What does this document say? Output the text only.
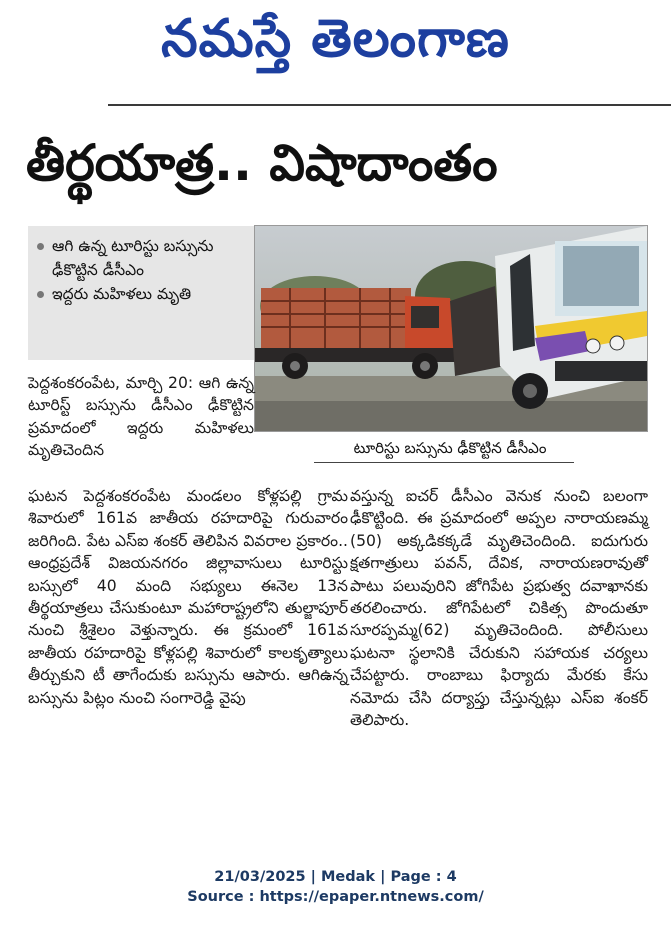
నమస్తే తెలంగాణ
తీర్థయాత్ర.. విషాదాంతం
ఆగి ఉన్న టూరిస్టు బస్సును ఢీకొట్టిన డీసీఎం
ఇద్దరు మహిళలు మృతి
టూరిస్టు బస్సును ఢీకొట్టిన డీసీఎం

పెద్దశంకరంపేట, మార్చి 20: ఆగి ఉన్న టూరిస్ట్ బస్సును డీసీఎం ఢీకొట్టిన ప్రమాదంలో ఇద్దరు మహిళలు మృతిచెందిన

ఘటన పెద్దశంకరంపేట మండలం కోళ్లపల్లి గ్రామ శివారులో 161వ జాతీయ రహదారిపై గురువారం జరిగింది. పేట ఎస్ఐ శంకర్ తెలిపిన వివరాల ప్రకారం.. ఆంధ్రప్రదేశ్ విజయనగరం జిల్లావాసులు టూరిస్టు బస్సులో 40 మంది సభ్యులు ఈనెల 13న తీర్థయాత్రలు చేసుకుంటూ మహారాష్ట్రలోని తుల్జాపూర్ నుంచి శ్రీశైలం వెళ్తున్నారు. ఈ క్రమంలో 161వ జాతీయ రహదారిపై కోళ్లపల్లి శివారులో కాలకృత్యాలు తీర్చుకుని టీ తాగేందుకు బస్సును ఆపారు. ఆగిఉన్న బస్సును పిట్లం నుంచి సంగారెడ్డి వైపు

వస్తున్న ఐచర్ డీసీఎం వెనుక నుంచి బలంగా ఢీకొట్టింది. ఈ ప్రమాదంలో అప్పల నారాయణమ్మ (50) అక్కడికక్కడే మృతిచెందింది. ఐదుగురు క్షతగాత్రులు పవన్, దేవిక, నారాయణరావుతో పాటు పలువురిని జోగిపేట ప్రభుత్వ దవాఖానకు తరలించారు. జోగిపేటలో చికిత్స పొందుతూ సూరప్పమ్మ(62) మృతిచెందింది. పోలీసులు ఘటనా స్థలానికి చేరుకుని సహాయక చర్యలు చేపట్టారు. రాంబాబు ఫిర్యాదు మేరకు కేసు నమోదు చేసి దర్యాప్తు చేస్తున్నట్లు ఎస్ఐ శంకర్ తెలిపారు.

21/03/2025 | Medak | Page : 4
Source : https://epaper.ntnews.com/
